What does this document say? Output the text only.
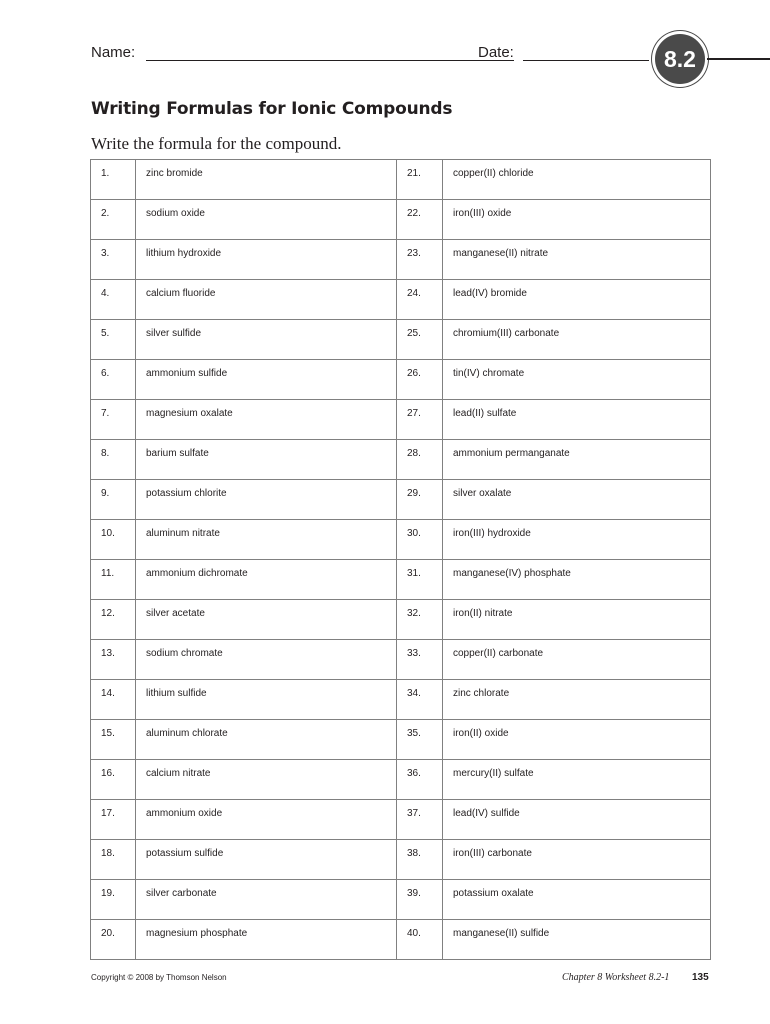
Name:	Date:	8.2
Writing Formulas for Ionic Compounds

Write the formula for the compound.

1.	zinc bromide	21.	copper(II) chloride
2.	sodium oxide	22.	iron(III) oxide
3.	lithium hydroxide	23.	manganese(II) nitrate
4.	calcium fluoride	24.	lead(IV) bromide
5.	silver sulfide	25.	chromium(III) carbonate
6.	ammonium sulfide	26.	tin(IV) chromate
7.	magnesium oxalate	27.	lead(II) sulfate
8.	barium sulfate	28.	ammonium permanganate
9.	potassium chlorite	29.	silver oxalate
10.	aluminum nitrate	30.	iron(III) hydroxide
11.	ammonium dichromate	31.	manganese(IV) phosphate
12.	silver acetate	32.	iron(II) nitrate
13.	sodium chromate	33.	copper(II) carbonate
14.	lithium sulfide	34.	zinc chlorate
15.	aluminum chlorate	35.	iron(II) oxide
16.	calcium nitrate	36.	mercury(II) sulfate
17.	ammonium oxide	37.	lead(IV) sulfide
18.	potassium sulfide	38.	iron(III) carbonate
19.	silver carbonate	39.	potassium oxalate
20.	magnesium phosphate	40.	manganese(II) sulfide
Copyright © 2008 by Thomson Nelson	Chapter 8 Worksheet 8.2-1 135
